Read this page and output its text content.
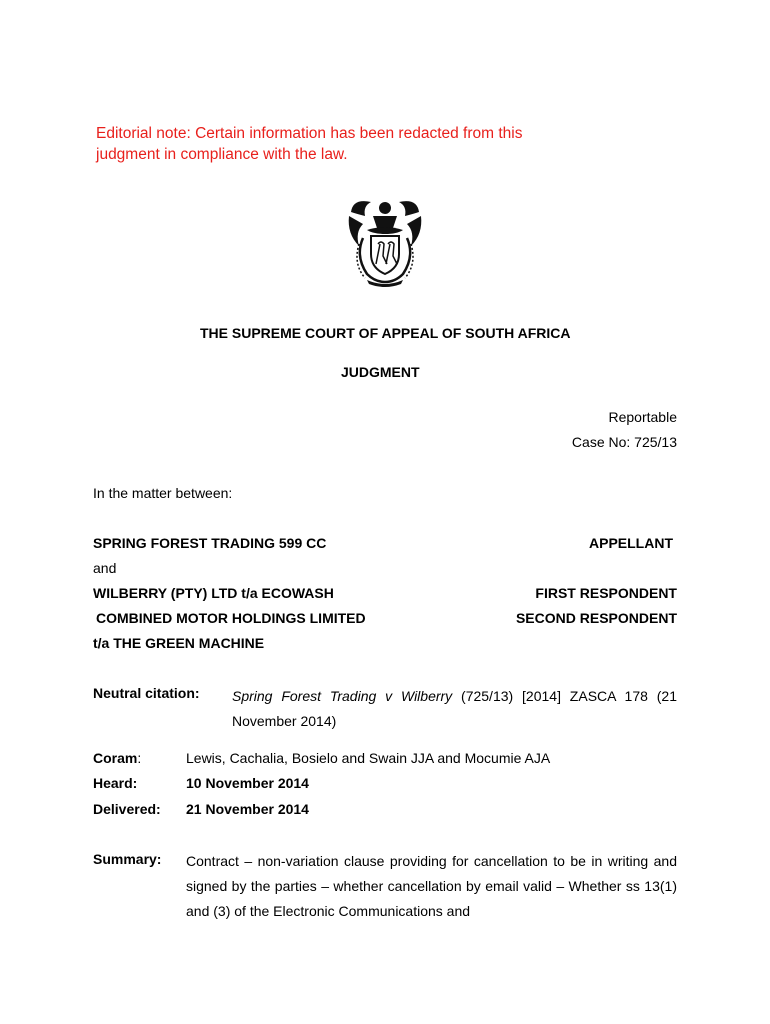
Editorial note: Certain information has been redacted from this judgment in compliance with the law.
THE SUPREME COURT OF APPEAL OF SOUTH AFRICA
JUDGMENT
Reportable
Case No: 725/13
In the matter between:
SPRING FOREST TRADING 599 CC	APPELLANT
and
WILBERRY (PTY) LTD t/a ECOWASH	FIRST RESPONDENT
COMBINED MOTOR HOLDINGS LIMITED	SECOND RESPONDENT
t/a THE GREEN MACHINE
Neutral citation: Spring Forest Trading v Wilberry (725/13) [2014] ZASCA 178 (21 November 2014)
Coram:	Lewis, Cachalia, Bosielo and Swain JJA and Mocumie AJA
Heard:	10 November 2014
Delivered: 21 November 2014
Summary: Contract – non-variation clause providing for cancellation to be in writing and signed by the parties – whether cancellation by email valid – Whether ss 13(1) and (3) of the Electronic Communications and
